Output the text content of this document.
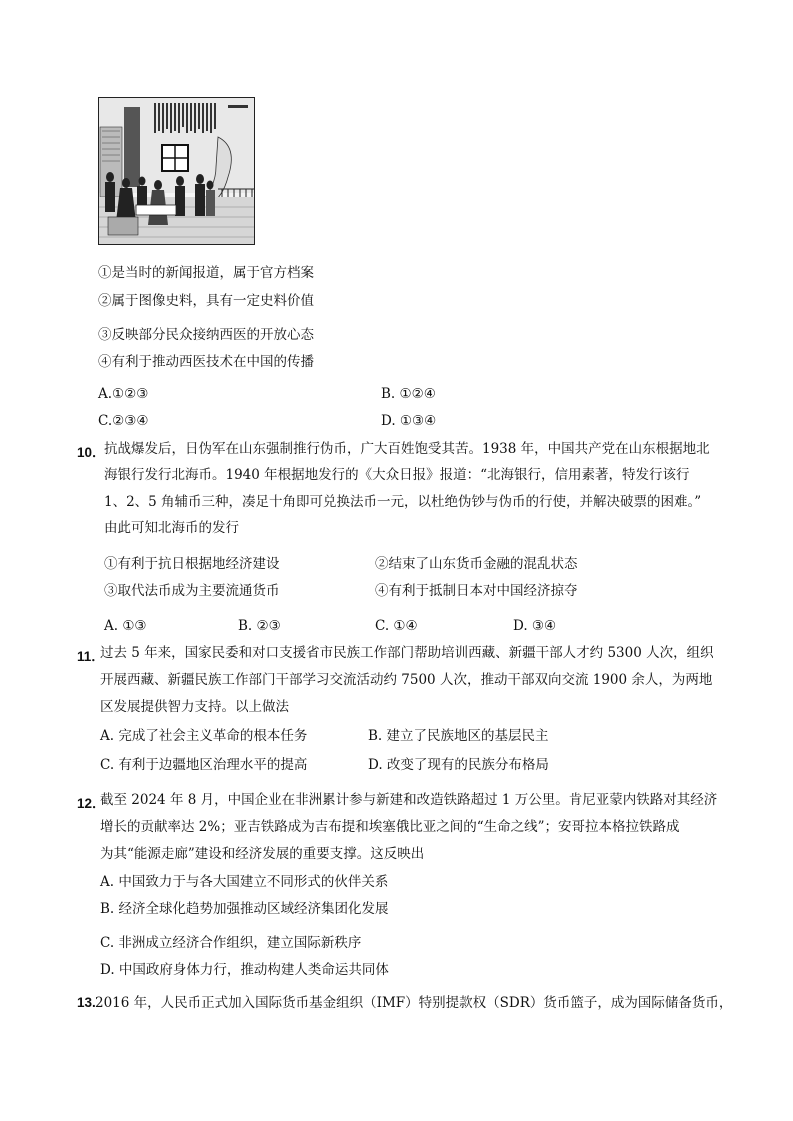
①是当时的新闻报道，属于官方档案
②属于图像史料，具有一定史料价值
③反映部分民众接纳西医的开放心态
④有利于推动西医技术在中国的传播
A.①②③	B. ①②④
C.②③④	D. ①③④
10．
抗战爆发后，日伪军在山东强制推行伪币，广大百姓饱受其苦。1938 年，中国共产党在山东根据地北
海银行发行北海币。1940 年根据地发行的《大众日报》报道：“北海银行，信用素著，特发行该行
1、2、5 角辅币三种，凑足十角即可兑换法币一元，以杜绝伪钞与伪币的行使，并解决破票的困难。”
由此可知北海币的发行
①有利于抗日根据地经济建设	②结束了山东货币金融的混乱状态
③取代法币成为主要流通货币	④有利于抵制日本对中国经济掠夺
A. ①③	B. ②③	C. ①④	D. ③④
11．
过去 5 年来，国家民委和对口支援省市民族工作部门帮助培训西藏、新疆干部人才约 5300 人次，组织
开展西藏、新疆民族工作部门干部学习交流活动约 7500 人次，推动干部双向交流 1900 余人，为两地
区发展提供智力支持。以上做法
A. 完成了社会主义革命的根本任务	B. 建立了民族地区的基层民主
C. 有利于边疆地区治理水平的提高	D. 改变了现有的民族分布格局
12．
截至 2024 年 8 月，中国企业在非洲累计参与新建和改造铁路超过 1 万公里。肯尼亚蒙内铁路对其经济
增长的贡献率达 2%；亚吉铁路成为吉布提和埃塞俄比亚之间的“生命之线”；安哥拉本格拉铁路成
为其“能源走廊”建设和经济发展的重要支撑。这反映出
A. 中国致力于与各大国建立不同形式的伙伴关系
B. 经济全球化趋势加强推动区域经济集团化发展
C. 非洲成立经济合作组织，建立国际新秩序
D. 中国政府身体力行，推动构建人类命运共同体
13. 2016 年，人民币正式加入国际货币基金组织（IMF）特别提款权（SDR）货币篮子，成为国际储备货币，
